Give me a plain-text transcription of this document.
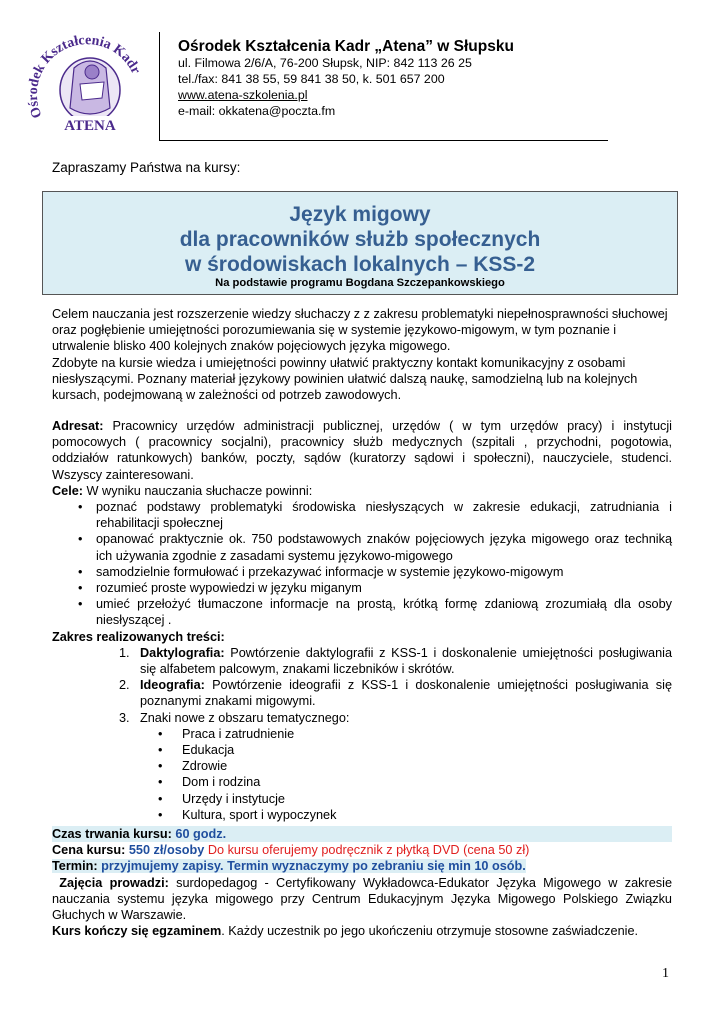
Ośrodek Kształcenia Kadr
ATENA
Ośrodek Kształcenia Kadr „Atena” w Słupsku
ul. Filmowa 2/6/A, 76-200 Słupsk, NIP: 842 113 26 25
tel./fax: 841 38 55, 59 841 38 50, k. 501 657 200
www.atena-szkolenia.pl
e-mail: okkatena@poczta.fm
Zapraszamy Państwa na kursy:
Język migowy
dla pracowników służb społecznych
w środowiskach lokalnych – KSS-2
Na podstawie programu Bogdana Szczepankowskiego
Celem nauczania jest rozszerzenie wiedzy słuchaczy z z zakresu problematyki niepełnosprawności słuchowej oraz pogłębienie umiejętności porozumiewania się w systemie językowo-migowym, w tym poznanie i utrwalenie blisko 400 kolejnych znaków pojęciowych języka migowego.
Zdobyte na kursie wiedza i umiejętności powinny ułatwić praktyczny kontakt komunikacyjny z osobami niesłyszącymi. Poznany materiał językowy powinien ułatwić dalszą naukę, samodzielną lub na kolejnych kursach, podejmowaną w zależności od potrzeb zawodowych.
Adresat: Pracownicy urzędów administracji publicznej, urzędów ( w tym urzędów pracy) i instytucji pomocowych ( pracownicy socjalni), pracownicy służb medycznych (szpitali , przychodni, pogotowia, oddziałów ratunkowych) banków, poczty, sądów (kuratorzy sądowi i społeczni), nauczyciele, studenci. Wszyscy zainteresowani.
Cele: W wyniku nauczania słuchacze powinni:
• poznać podstawy problematyki środowiska niesłyszących w zakresie edukacji, zatrudniania i rehabilitacji społecznej
• opanować praktycznie ok. 750 podstawowych znaków pojęciowych języka migowego oraz techniką ich używania zgodnie z zasadami systemu językowo-migowego
• samodzielnie formułować i przekazywać informacje w systemie językowo-migowym
• rozumieć proste wypowiedzi w języku miganym
• umieć przełożyć tłumaczone informacje na prostą, krótką formę zdaniową zrozumiałą dla osoby niesłyszącej .
Zakres realizowanych treści:
1. Daktylografia: Powtórzenie daktylografii z KSS-1 i doskonalenie umiejętności posługiwania się alfabetem palcowym, znakami liczebników i skrótów.
2. Ideografia: Powtórzenie ideografii z KSS-1 i doskonalenie umiejętności posługiwania się poznanymi znakami migowymi.
3. Znaki nowe z obszaru tematycznego:
• Praca i zatrudnienie
• Edukacja
• Zdrowie
• Dom i rodzina
• Urzędy i instytucje
• Kultura, sport i wypoczynek
Czas trwania kursu: 60 godz.
Cena kursu: 550 zł/osoby Do kursu oferujemy podręcznik z płytką DVD (cena 50 zł)
Termin: przyjmujemy zapisy. Termin wyznaczymy po zebraniu się min 10 osób.
Zajęcia prowadzi: surdopedagog - Certyfikowany Wykładowca-Edukator Języka Migowego w zakresie nauczania systemu języka migowego przy Centrum Edukacyjnym Języka Migowego Polskiego Związku Głuchych w Warszawie.
Kurs kończy się egzaminem. Każdy uczestnik po jego ukończeniu otrzymuje stosowne zaświadczenie.
1
